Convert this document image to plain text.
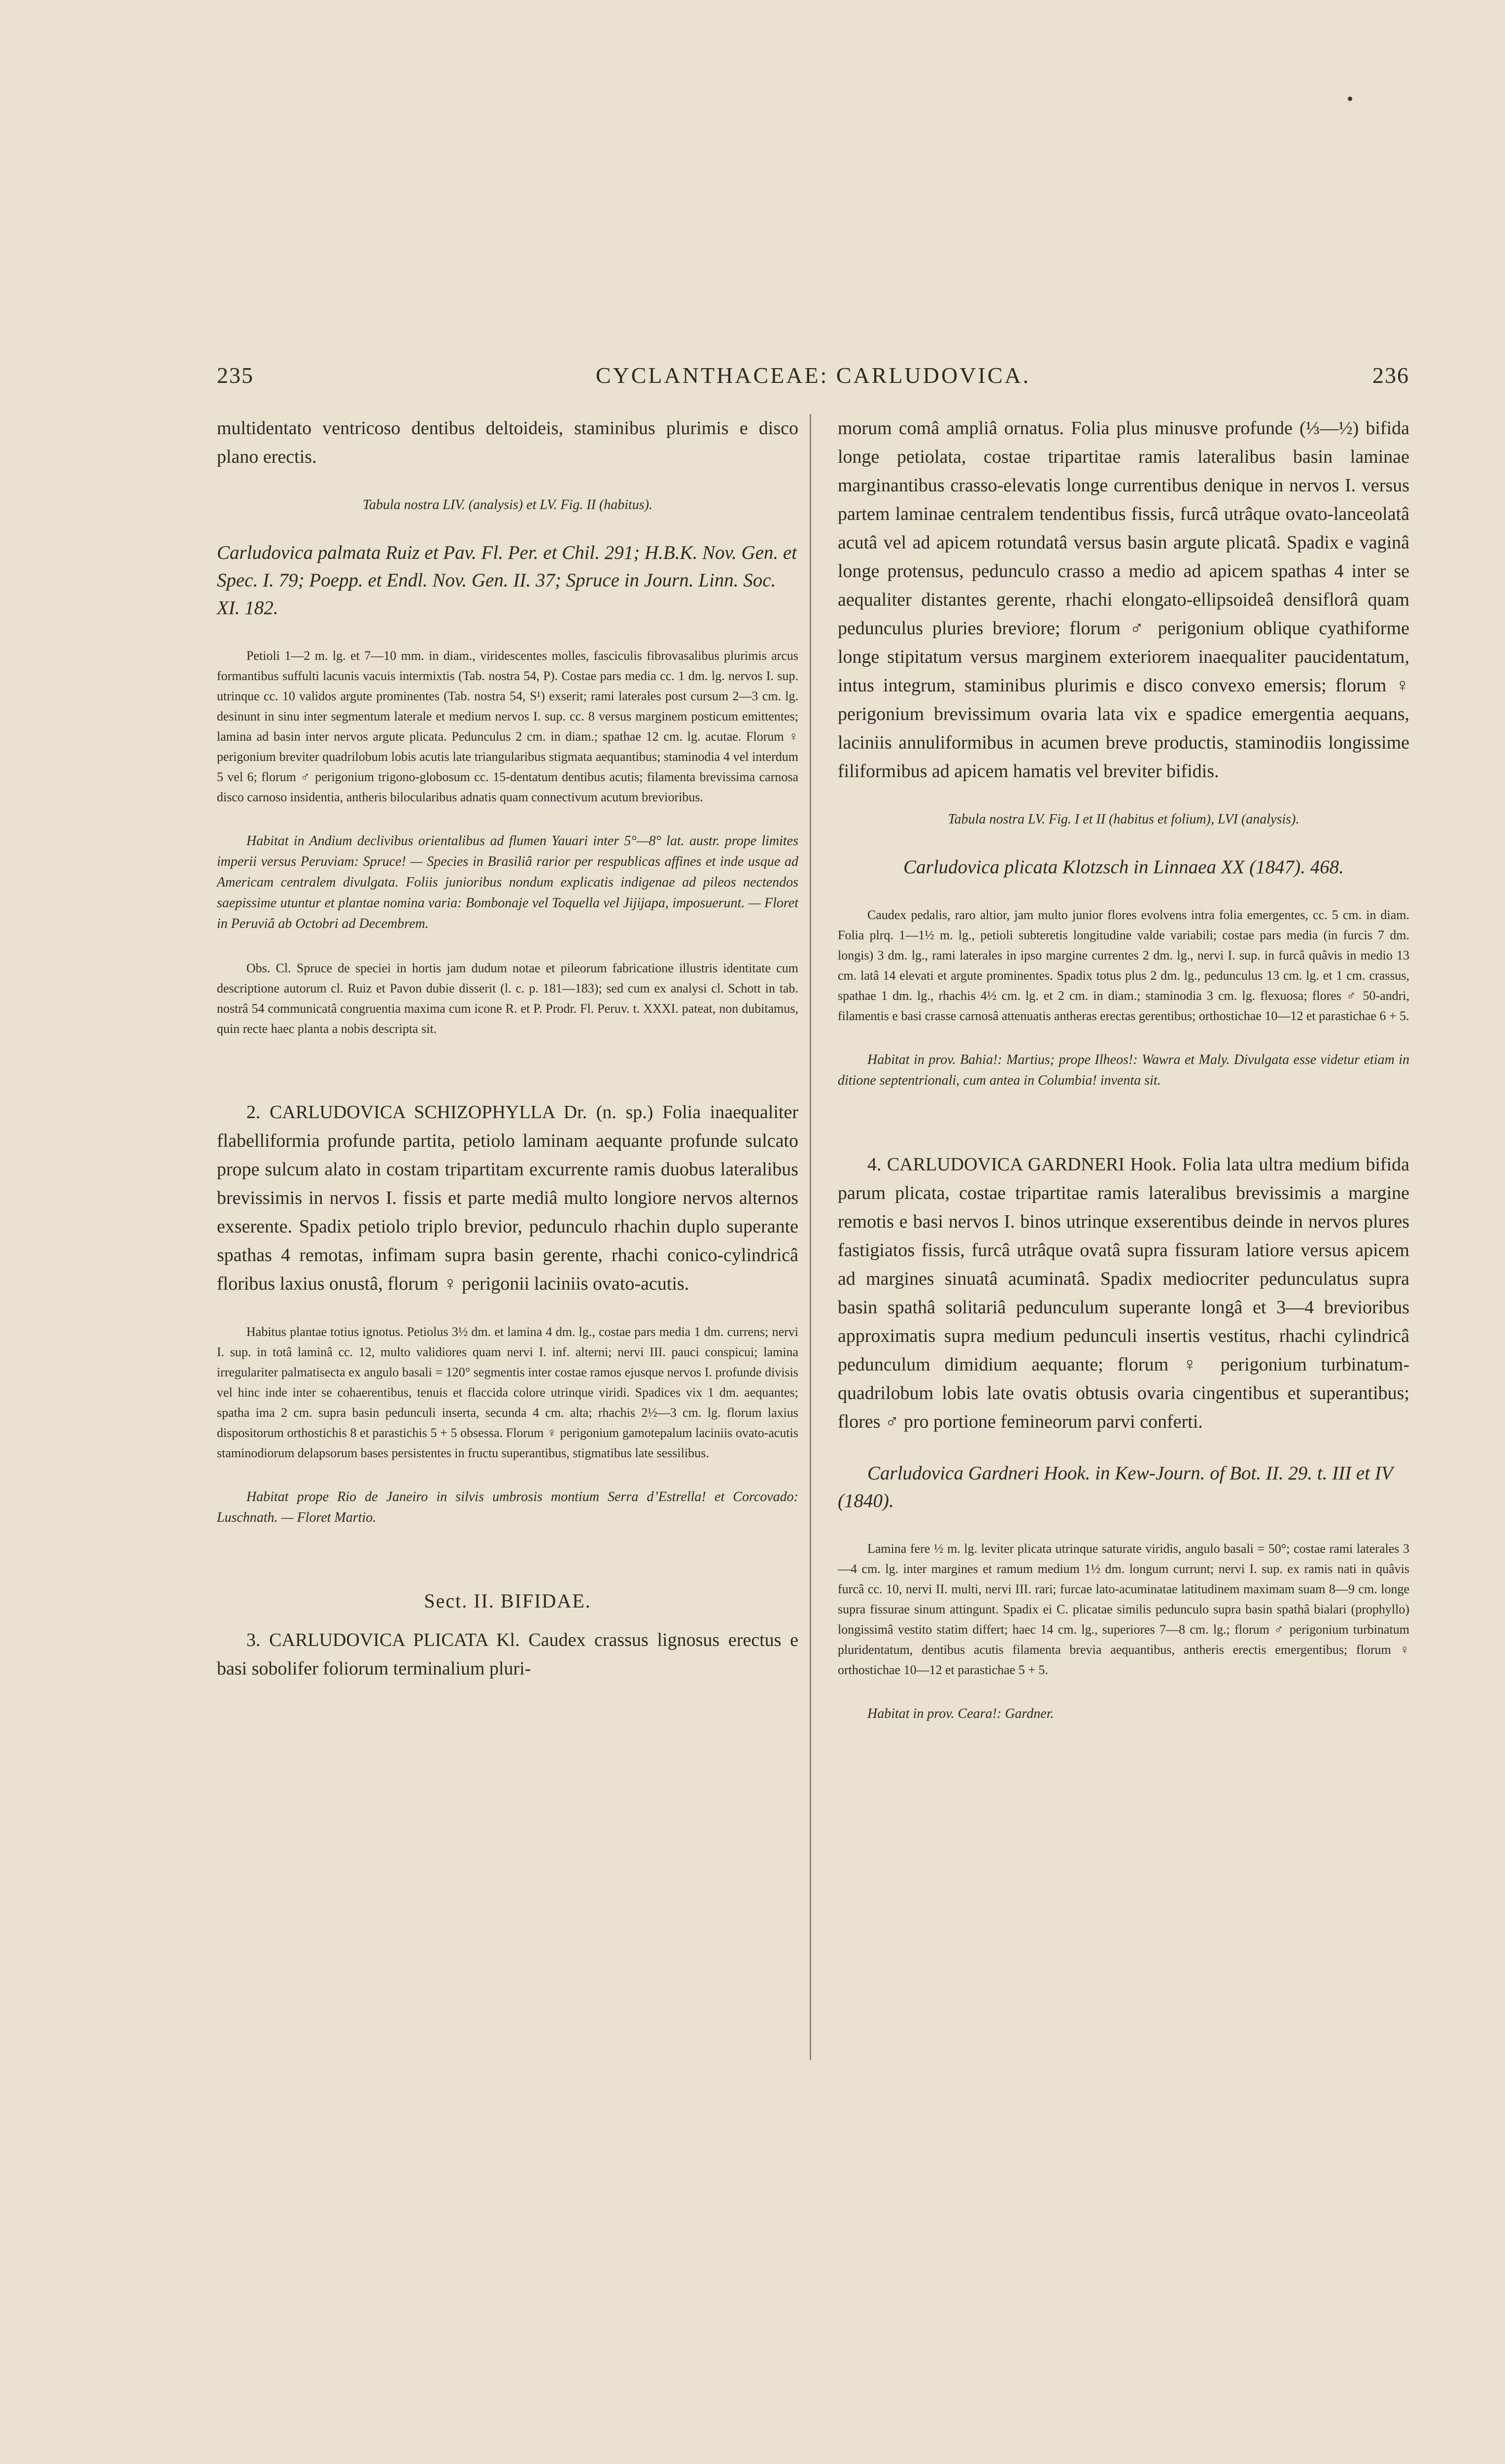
235	CYCLANTHACEAE: CARLUDOVICA.	236

multidentato ventricoso dentibus deltoideis, staminibus plurimis e disco plano erectis.

Tabula nostra LIV. (analysis) et LV. Fig. II (habitus).

Carludovica palmata Ruiz et Pav. Fl. Per. et Chil. 291; H.B.K. Nov. Gen. et Spec. I. 79; Poepp. et Endl. Nov. Gen. II. 37; Spruce in Journ. Linn. Soc. XI. 182.

Petioli 1—2 m. lg. et 7—10 mm. in diam., viridescentes molles, fasciculis fibrovasalibus plurimis arcus formantibus suffulti lacunis vacuis intermixtis (Tab. nostra 54, P). Costae pars media cc. 1 dm. lg. nervos I. sup. utrinque cc. 10 validos argute prominentes (Tab. nostra 54, S¹) exserit; rami laterales post cursum 2—3 cm. lg. desinunt in sinu inter segmentum laterale et medium nervos I. sup. cc. 8 versus marginem posticum emittentes; lamina ad basin inter nervos argute plicata. Pedunculus 2 cm. in diam.; spathae 12 cm. lg. acutae. Florum ♀ perigonium breviter quadrilobum lobis acutis late triangularibus stigmata aequantibus; staminodia 4 vel interdum 5 vel 6; florum ♂ perigonium trigono-globosum cc. 15-dentatum dentibus acutis; filamenta brevissima carnosa disco carnoso insidentia, antheris bilocularibus adnatis quam connectivum acutum brevioribus.

Habitat in Andium declivibus orientalibus ad flumen Yauari inter 5°—8° lat. austr. prope limites imperii versus Peruviam: Spruce! — Species in Brasiliâ rarior per respublicas affines et inde usque ad Americam centralem divulgata. Foliis junioribus nondum explicatis indigenae ad pileos nectendos saepissime utuntur et plantae nomina varia: Bombonaje vel Toquella vel Jijijapa, imposuerunt. — Floret in Peruviâ ab Octobri ad Decembrem.

Obs. Cl. Spruce de speciei in hortis jam dudum notae et pileorum fabricatione illustris identitate cum descriptione autorum cl. Ruiz et Pavon dubie disserit (l. c. p. 181—183); sed cum ex analysi cl. Schott in tab. nostrâ 54 communicatâ congruentia maxima cum icone R. et P. Prodr. Fl. Peruv. t. XXXI. pateat, non dubitamus, quin recte haec planta a nobis descripta sit.

2. CARLUDOVICA SCHIZOPHYLLA Dr. (n. sp.) Folia inaequaliter flabelliformia profunde partita, petiolo laminam aequante profunde sulcato prope sulcum alato in costam tripartitam excurrente ramis duobus lateralibus brevissimis in nervos I. fissis et parte mediâ multo longiore nervos alternos exserente. Spadix petiolo triplo brevior, pedunculo rhachin duplo superante spathas 4 remotas, infimam supra basin gerente, rhachi conico-cylindricâ floribus laxius onustâ, florum ♀ perigonii laciniis ovato-acutis.

Habitus plantae totius ignotus. Petiolus 3½ dm. et lamina 4 dm. lg., costae pars media 1 dm. currens; nervi I. sup. in totâ laminâ cc. 12, multo validiores quam nervi I. inf. alterni; nervi III. pauci conspicui; lamina irregulariter palmatisecta ex angulo basali = 120° segmentis inter costae ramos ejusque nervos I. profunde divisis vel hinc inde inter se cohaerentibus, tenuis et flaccida colore utrinque viridi. Spadices vix 1 dm. aequantes; spatha ima 2 cm. supra basin pedunculi inserta, secunda 4 cm. alta; rhachis 2½—3 cm. lg. florum laxius dispositorum orthostichis 8 et parastichis 5 + 5 obsessa. Florum ♀ perigonium gamotepalum laciniis ovato-acutis staminodiorum delapsorum bases persistentes in fructu superantibus, stigmatibus late sessilibus.

Habitat prope Rio de Janeiro in silvis umbrosis montium Serra d’Estrella! et Corcovado: Luschnath. — Floret Martio.

Sect. II. BIFIDAE.

3. CARLUDOVICA PLICATA Kl. Caudex crassus lignosus erectus e basi sobolifer foliorum terminalium pluri-

morum comâ ampliâ ornatus. Folia plus minusve profunde (⅓—½) bifida longe petiolata, costae tripartitae ramis lateralibus basin laminae marginantibus crasso-elevatis longe currentibus denique in nervos I. versus partem laminae centralem tendentibus fissis, furcâ utrâque ovato-lanceolatâ acutâ vel ad apicem rotundatâ versus basin argute plicatâ. Spadix e vaginâ longe protensus, pedunculo crasso a medio ad apicem spathas 4 inter se aequaliter distantes gerente, rhachi elongato-ellipsoideâ densiflorâ quam pedunculus pluries breviore; florum ♂ perigonium oblique cyathiforme longe stipitatum versus marginem exteriorem inaequaliter paucidentatum, intus integrum, staminibus plurimis e disco convexo emersis; florum ♀ perigonium brevissimum ovaria lata vix e spadice emergentia aequans, laciniis annuliformibus in acumen breve productis, staminodiis longissime filiformibus ad apicem hamatis vel breviter bifidis.

Tabula nostra LV. Fig. I et II (habitus et folium), LVI (analysis).

Carludovica plicata Klotzsch in Linnaea XX (1847). 468.

Caudex pedalis, raro altior, jam multo junior flores evolvens intra folia emergentes, cc. 5 cm. in diam. Folia plrq. 1—1½ m. lg., petioli subteretis longitudine valde variabili; costae pars media (in furcis 7 dm. longis) 3 dm. lg., rami laterales in ipso margine currentes 2 dm. lg., nervi I. sup. in furcâ quâvis in medio 13 cm. latâ 14 elevati et argute prominentes. Spadix totus plus 2 dm. lg., pedunculus 13 cm. lg. et 1 cm. crassus, spathae 1 dm. lg., rhachis 4½ cm. lg. et 2 cm. in diam.; staminodia 3 cm. lg. flexuosa; flores ♂ 50-andri, filamentis e basi crasse carnosâ attenuatis antheras erectas gerentibus; orthostichae 10—12 et parastichae 6 + 5.

Habitat in prov. Bahia!: Martius; prope Ilheos!: Wawra et Maly. Divulgata esse videtur etiam in ditione septentrionali, cum antea in Columbia! inventa sit.

4. CARLUDOVICA GARDNERI Hook. Folia lata ultra medium bifida parum plicata, costae tripartitae ramis lateralibus brevissimis a margine remotis e basi nervos I. binos utrinque exserentibus deinde in nervos plures fastigiatos fissis, furcâ utrâque ovatâ supra fissuram latiore versus apicem ad margines sinuatâ acuminatâ. Spadix mediocriter pedunculatus supra basin spathâ solitariâ pedunculum superante longâ et 3—4 brevioribus approximatis supra medium pedunculi insertis vestitus, rhachi cylindricâ pedunculum dimidium aequante; florum ♀ perigonium turbinatum-quadrilobum lobis late ovatis obtusis ovaria cingentibus et superantibus; flores ♂ pro portione femineorum parvi conferti.

Carludovica Gardneri Hook. in Kew-Journ. of Bot. II. 29. t. III et IV (1840).

Lamina fere ½ m. lg. leviter plicata utrinque saturate viridis, angulo basali = 50°; costae rami laterales 3—4 cm. lg. inter margines et ramum medium 1½ dm. longum currunt; nervi I. sup. ex ramis nati in quâvis furcâ cc. 10, nervi II. multi, nervi III. rari; furcae lato-acuminatae latitudinem maximam suam 8—9 cm. longe supra fissurae sinum attingunt. Spadix ei C. plicatae similis pedunculo supra basin spathâ bialari (prophyllo) longissimâ vestito statim differt; haec 14 cm. lg., superiores 7—8 cm. lg.; florum ♂ perigonium turbinatum pluridentatum, dentibus acutis filamenta brevia aequantibus, antheris erectis emergentibus; florum ♀ orthostichae 10—12 et parastichae 5 + 5.

Habitat in prov. Ceara!: Gardner.
